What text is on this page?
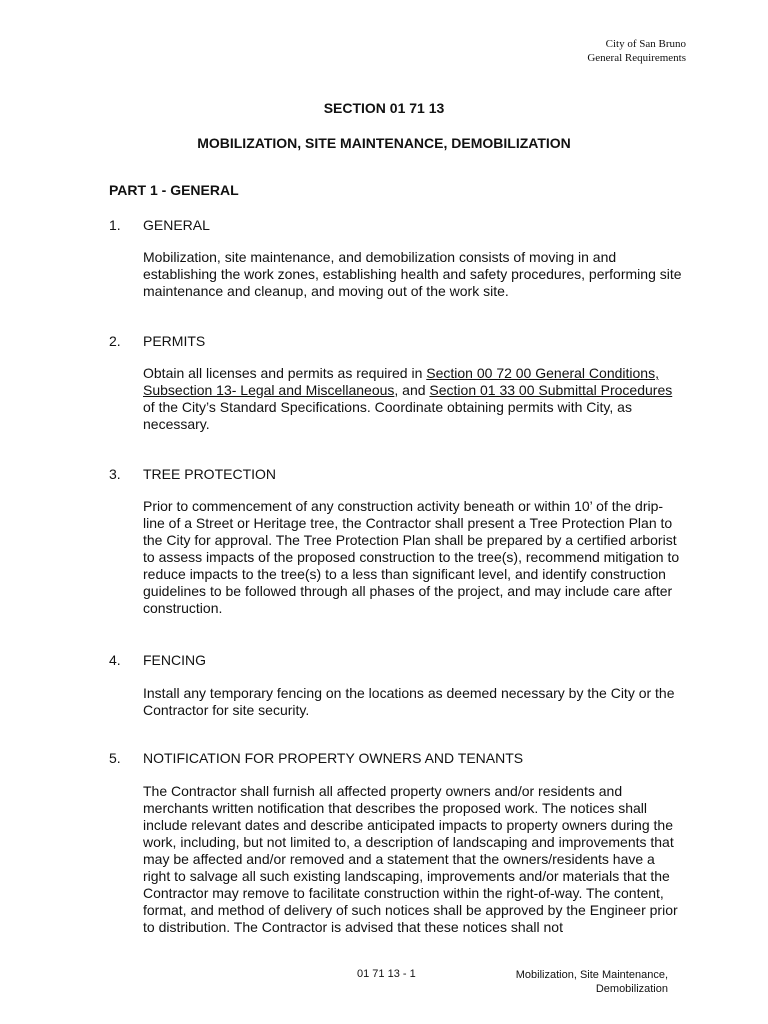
City of San Bruno
General Requirements
SECTION 01 71 13
MOBILIZATION, SITE MAINTENANCE, DEMOBILIZATION
PART 1 - GENERAL
1. GENERAL
Mobilization, site maintenance, and demobilization consists of moving in and establishing the work zones, establishing health and safety procedures, performing site maintenance and cleanup, and moving out of the work site.
2. PERMITS
Obtain all licenses and permits as required in Section 00 72 00 General Conditions, Subsection 13- Legal and Miscellaneous, and Section 01 33 00 Submittal Procedures of the City’s Standard Specifications. Coordinate obtaining permits with City, as necessary.
3. TREE PROTECTION
Prior to commencement of any construction activity beneath or within 10’ of the drip-line of a Street or Heritage tree, the Contractor shall present a Tree Protection Plan to the City for approval. The Tree Protection Plan shall be prepared by a certified arborist to assess impacts of the proposed construction to the tree(s), recommend mitigation to reduce impacts to the tree(s) to a less than significant level, and identify construction guidelines to be followed through all phases of the project, and may include care after construction.
4. FENCING
Install any temporary fencing on the locations as deemed necessary by the City or the Contractor for site security.
5. NOTIFICATION FOR PROPERTY OWNERS AND TENANTS
The Contractor shall furnish all affected property owners and/or residents and merchants written notification that describes the proposed work. The notices shall include relevant dates and describe anticipated impacts to property owners during the work, including, but not limited to, a description of landscaping and improvements that may be affected and/or removed and a statement that the owners/residents have a right to salvage all such existing landscaping, improvements and/or materials that the Contractor may remove to facilitate construction within the right-of-way. The content, format, and method of delivery of such notices shall be approved by the Engineer prior to distribution. The Contractor is advised that these notices shall not
01 71 13 - 1	Mobilization, Site Maintenance,
Demobilization
